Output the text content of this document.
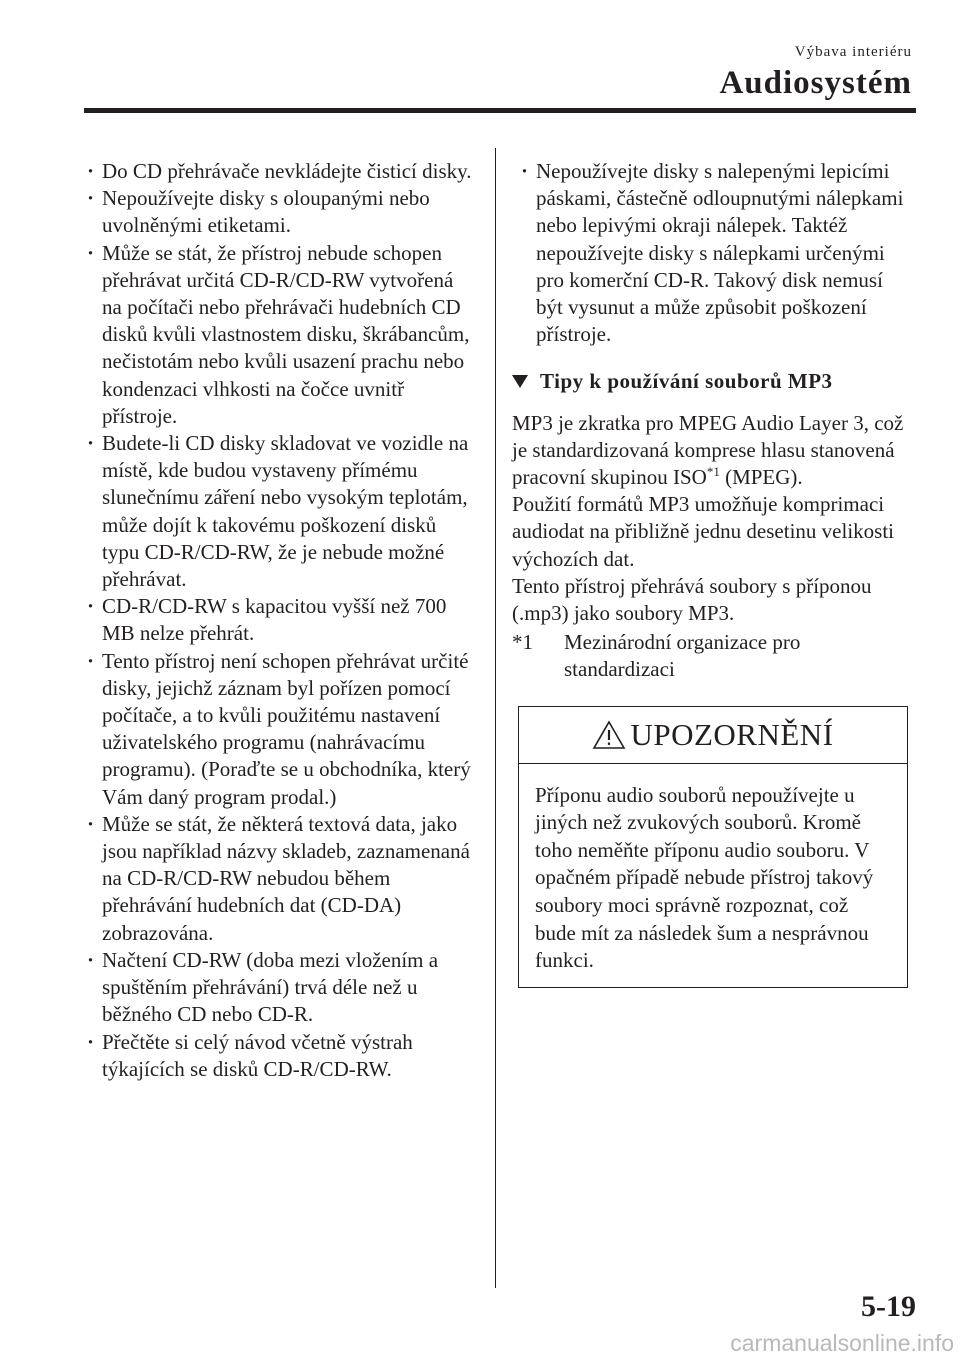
Výbava interiéru
Audiosystém
· Do CD přehrávače nevkládejte čisticí disky.
· Nepoužívejte disky s oloupanými nebo uvolněnými etiketami.
· Může se stát, že přístroj nebude schopen přehrávat určitá CD-R/CD-RW vytvořená na počítači nebo přehrávači hudebních CD disků kvůli vlastnostem disku, škrábancům, nečistotám nebo kvůli usazení prachu nebo kondenzaci vlhkosti na čočce uvnitř přístroje.
· Budete-li CD disky skladovat ve vozidle na místě, kde budou vystaveny přímému slunečnímu záření nebo vysokým teplotám, může dojít k takovému poškození disků typu CD-R/CD-RW, že je nebude možné přehrávat.
· CD-R/CD-RW s kapacitou vyšší než 700 MB nelze přehrát.
· Tento přístroj není schopen přehrávat určité disky, jejichž záznam byl pořízen pomocí počítače, a to kvůli použitému nastavení uživatelského programu (nahrávacímu programu). (Poraďte se u obchodníka, který Vám daný program prodal.)
· Může se stát, že některá textová data, jako jsou například názvy skladeb, zaznamenaná na CD-R/CD-RW nebudou během přehrávání hudebních dat (CD-DA) zobrazována.
· Načtení CD-RW (doba mezi vložením a spuštěním přehrávání) trvá déle než u běžného CD nebo CD-R.
· Přečtěte si celý návod včetně výstrah týkajících se disků CD-R/CD-RW.
· Nepoužívejte disky s nalepenými lepicími páskami, částečně odloupnutými nálepkami nebo lepivými okraji nálepek. Taktéž nepoužívejte disky s nálepkami určenými pro komerční CD-R. Takový disk nemusí být vysunut a může způsobit poškození přístroje.
Tipy k používání souborů MP3

MP3 je zkratka pro MPEG Audio Layer 3, což je standardizovaná komprese hlasu stanovená pracovní skupinou ISO$^{*1}$ (MPEG).

Použití formátů MP3 umožňuje komprimaci audiodat na přibližně jednu desetinu velikosti výchozích dat.

Tento přístroj přehrává soubory s příponou (.mp3) jako soubory MP3.

*1	Mezinárodní organizace pro standardizaci
UPOZORNĚNÍ
Příponu audio souborů nepoužívejte u jiných než zvukových souborů. Kromě toho neměňte příponu audio souboru. V opačném případě nebude přístroj takový soubory moci správně rozpoznat, což bude mít za následek šum a nesprávnou funkci.
5-19
carmanualsonline.info
